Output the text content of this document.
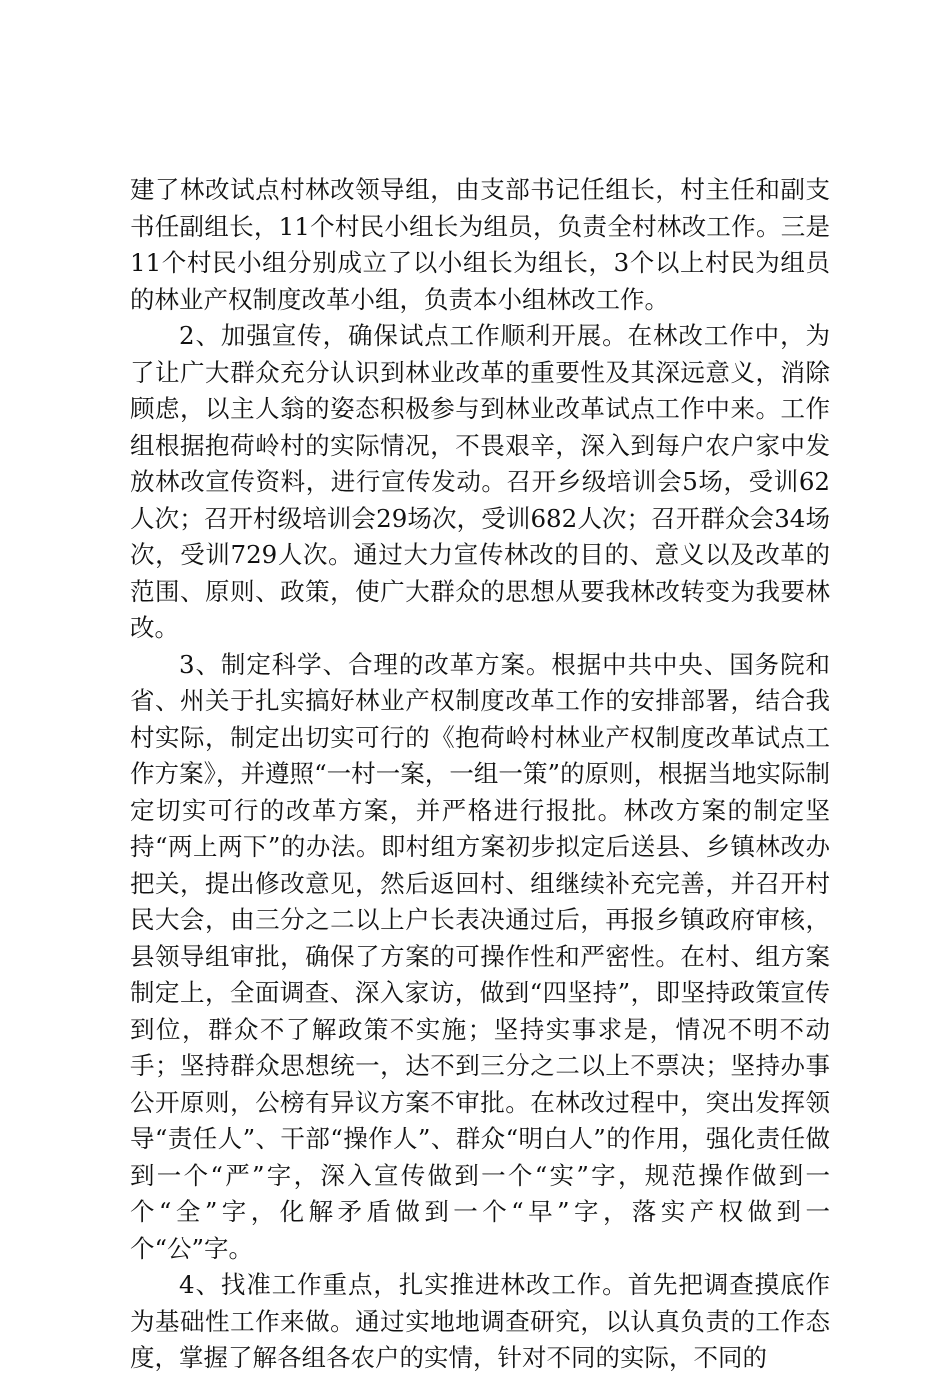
建了林改试点村林改领导组，由支部书记任组长，村主任和副支书任副组长，11个村民小组长为组员，负责全村林改工作。三是11个村民小组分别成立了以小组长为组长，3个以上村民为组员的林业产权制度改革小组，负责本小组林改工作。

2、加强宣传，确保试点工作顺利开展。在林改工作中，为了让广大群众充分认识到林业改革的重要性及其深远意义，消除顾虑，以主人翁的姿态积极参与到林业改革试点工作中来。工作组根据抱荷岭村的实际情况，不畏艰辛，深入到每户农户家中发放林改宣传资料，进行宣传发动。召开乡级培训会5场，受训62人次；召开村级培训会29场次，受训682人次；召开群众会34场次，受训729人次。通过大力宣传林改的目的、意义以及改革的范围、原则、政策，使广大群众的思想从要我林改转变为我要林改。

3、制定科学、合理的改革方案。根据中共中央、国务院和省、州关于扎实搞好林业产权制度改革工作的安排部署，结合我村实际，制定出切实可行的《抱荷岭村林业产权制度改革试点工作方案》，并遵照“一村一案，一组一策”的原则，根据当地实际制定切实可行的改革方案，并严格进行报批。林改方案的制定坚持“两上两下”的办法。即村组方案初步拟定后送县、乡镇林改办把关，提出修改意见，然后返回村、组继续补充完善，并召开村民大会，由三分之二以上户长表决通过后，再报乡镇政府审核，县领导组审批，确保了方案的可操作性和严密性。在村、组方案制定上，全面调查、深入家访，做到“四坚持”，即坚持政策宣传到位，群众不了解政策不实施；坚持实事求是，情况不明不动手；坚持群众思想统一，达不到三分之二以上不票决；坚持办事公开原则，公榜有异议方案不审批。在林改过程中，突出发挥领导“责任人”、干部“操作人”、群众“明白人”的作用，强化责任做到一个“严”字，深入宣传做到一个“实”字，规范操作做到一个“全”字，化解矛盾做到一个“早”字，落实产权做到一个“公”字。

4、找准工作重点，扎实推进林改工作。首先把调查摸底作为基础性工作来做。通过实地地调查研究，以认真负责的工作态度，掌握了解各组各农户的实情，针对不同的实际，不同的
